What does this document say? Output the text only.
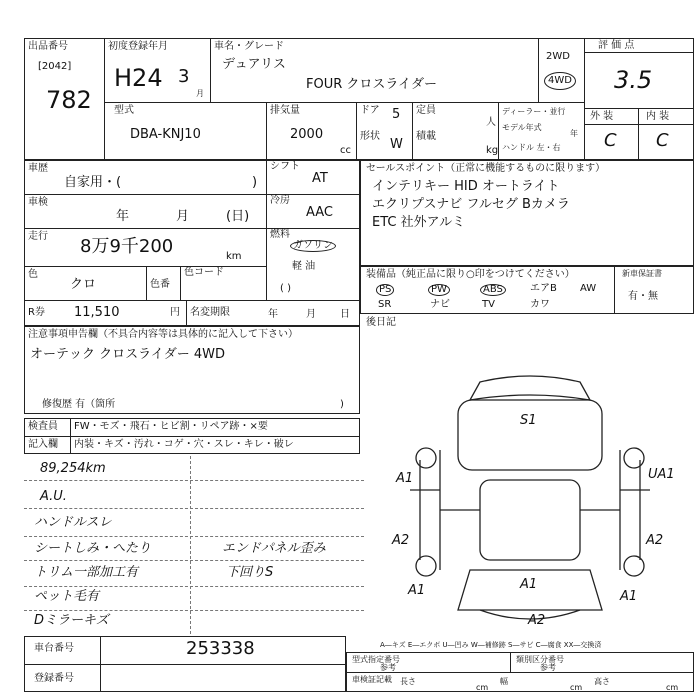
出品番号
[2042]
782
初度登録年月
H24 3
月
車名・グレード
デュアリス
FOUR クロスライダー
2WD
4WD
評 価 点
3.5
外 装	内 装
C C
型式
DBA-KNJ10
排気量
2000
cc
ドア 5
形状
W
定員
人
積載
kg
ディーラー・並行
モデル年式
年
ハンドル 左・右
車歴
自家用・(	)
車検
年	月	(日)
走行 8万9千200	km
色
クロ	色番
色コード
シフト
AT
冷房
AAC
燃料
ガソリン
軽 油
( )
R券 11,510	円 名変期限	年	月 日
セールスポイント（正常に機能するものに限ります）
インテリキー HID オートライト
エクリプスナビ フルセグ Bカメラ
ETC 社外アルミ
装備品（純正品に限り○印をつけてください）
PS	PW	ABS	エアB AW
SR	ナビ	TV	カワ
新車保証書
有・無
後日記
注意事項申告欄（不具合内容等は具体的に記入して下さい）
オーテック クロスライダー 4WD
修復歴 有（箇所	)
検査員
記入欄
FW・モズ・飛石・ヒビ割・リペア跡・×要
内装・キズ・汚れ・コゲ・穴・スレ・キレ・破レ
89,254km
A.U.
ハンドルスレ
シートしみ・へたり
トリム一部加工有
ペット毛有
Dミラーキズ
エンドパネル歪み
下回りS
S1
A1	UA1
A2	A2
A1	A1
A1
A2
A―キズ E―エクボ U―凹み W―補修跡 S―サビ C―腐食 XX―交換済
車台番号	253338
登録番号
型式指定番号
参考
類別区分番号
参考
車検証記載 長さ
cm
幅
cm
高さ
cm
